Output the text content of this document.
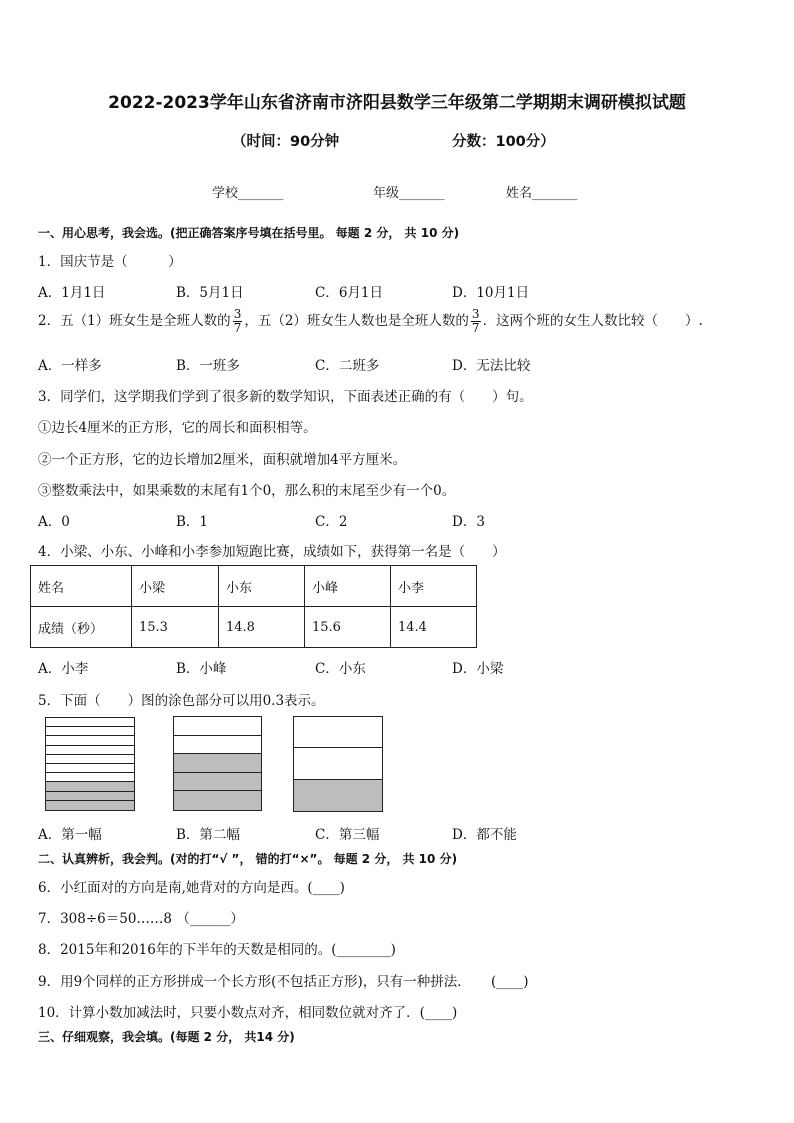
2022-2023学年山东省济南市济阳县数学三年级第二学期期末调研模拟试题
（时间：90分钟	分数：100分）
学校_______	年级_______	姓名_______
一、用心思考，我会选。(把正确答案序号填在括号里。 每题 2 分， 共 10 分)
1．国庆节是（　　　）
A．1月1日	B．5月1日	C．6月1日	D．10月1日
2．五（1）班女生是全班人数的 $\frac{3}{7}$ ，五（2）班女生人数也是全班人数的 $\frac{3}{7}$ ．这两个班的女生人数比较（　　）.
A．一样多	B．一班多	C．二班多	D．无法比较
3．同学们，这学期我们学到了很多新的数学知识，下面表述正确的有（　　）句。
①边长4厘米的正方形，它的周长和面积相等。
②一个正方形，它的边长增加2厘米，面积就增加4平方厘米。
③整数乘法中，如果乘数的末尾有1个0，那么积的末尾至少有一个0。
A．0	B．1	C．2	D．3
4．小梁、小东、小峰和小李参加短跑比赛，成绩如下，获得第一名是（　　）
姓名	小梁	小东	小峰	小李
成绩（秒）	15.3	14.8	15.6	14.4
A．小李	B．小峰	C．小东	D．小梁
5．下面（　　）图的涂色部分可以用0.3表示。
A．第一幅	B．第二幅	C．第三幅	D．都不能
二、认真辨析，我会判。(对的打“√ ”， 错的打“×”。 每题 2 分， 共 10 分)
6．小红面对的方向是南,她背对的方向是西。(____)
7．308÷6＝50……8 （______）
8．2015年和2016年的下半年的天数是相同的。(________)
9．用9个同样的正方形拼成一个长方形(不包括正方形)，只有一种拼法．　　(____)
10．计算小数加减法时，只要小数点对齐，相同数位就对齐了．(____)
三、仔细观察，我会填。(每题 2 分， 共14 分)
